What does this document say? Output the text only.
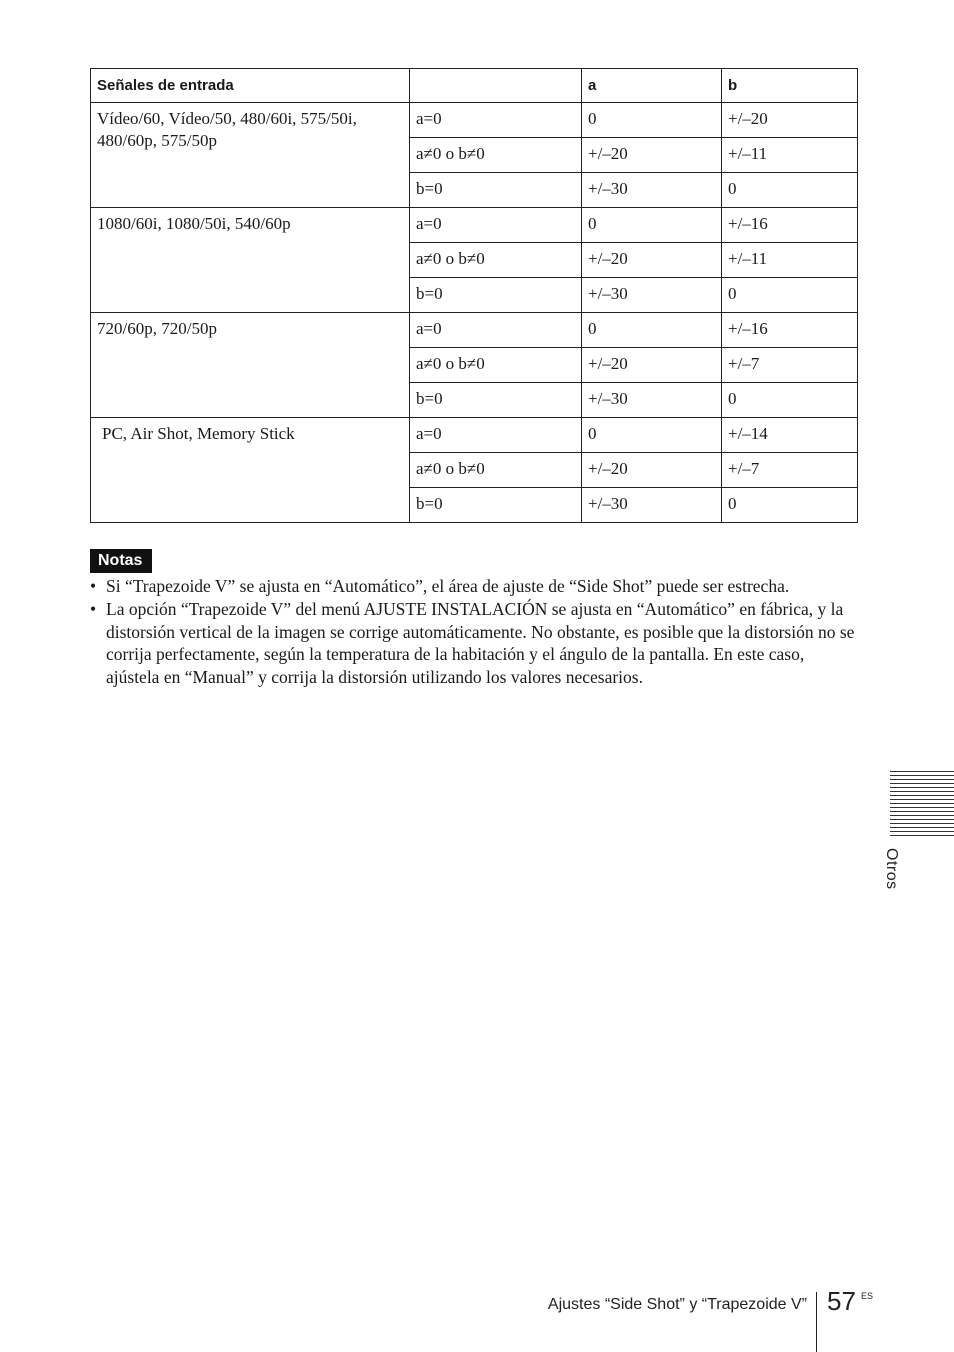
Señales de entrada		a	b
Vídeo/60, Vídeo/50, 480/60i, 575/50i, 480/60p, 575/50p	a=0	0	+/–20
	a≠0 o b≠0	+/–20	+/–11
	b=0	+/–30	0
1080/60i, 1080/50i, 540/60p	a=0	0	+/–16
	a≠0 o b≠0	+/–20	+/–11
	b=0	+/–30	0
720/60p, 720/50p	a=0	0	+/–16
	a≠0 o b≠0	+/–20	+/–7
	b=0	+/–30	0
PC, Air Shot, Memory Stick	a=0	0	+/–14
	a≠0 o b≠0	+/–20	+/–7
	b=0	+/–30	0
Notas
• Si “Trapezoide V” se ajusta en “Automático”, el área de ajuste de “Side Shot” puede ser estrecha.
• La opción “Trapezoide V” del menú AJUSTE INSTALACIÓN se ajusta en “Automático” en fábrica, y la distorsión vertical de la imagen se corrige automáticamente. No obstante, es posible que la distorsión no se corrija perfectamente, según la temperatura de la habitación y el ángulo de la pantalla. En este caso, ajústela en “Manual” y corrija la distorsión utilizando los valores necesarios.
Otros
Ajustes “Side Shot” y “Trapezoide V” 57 ES
